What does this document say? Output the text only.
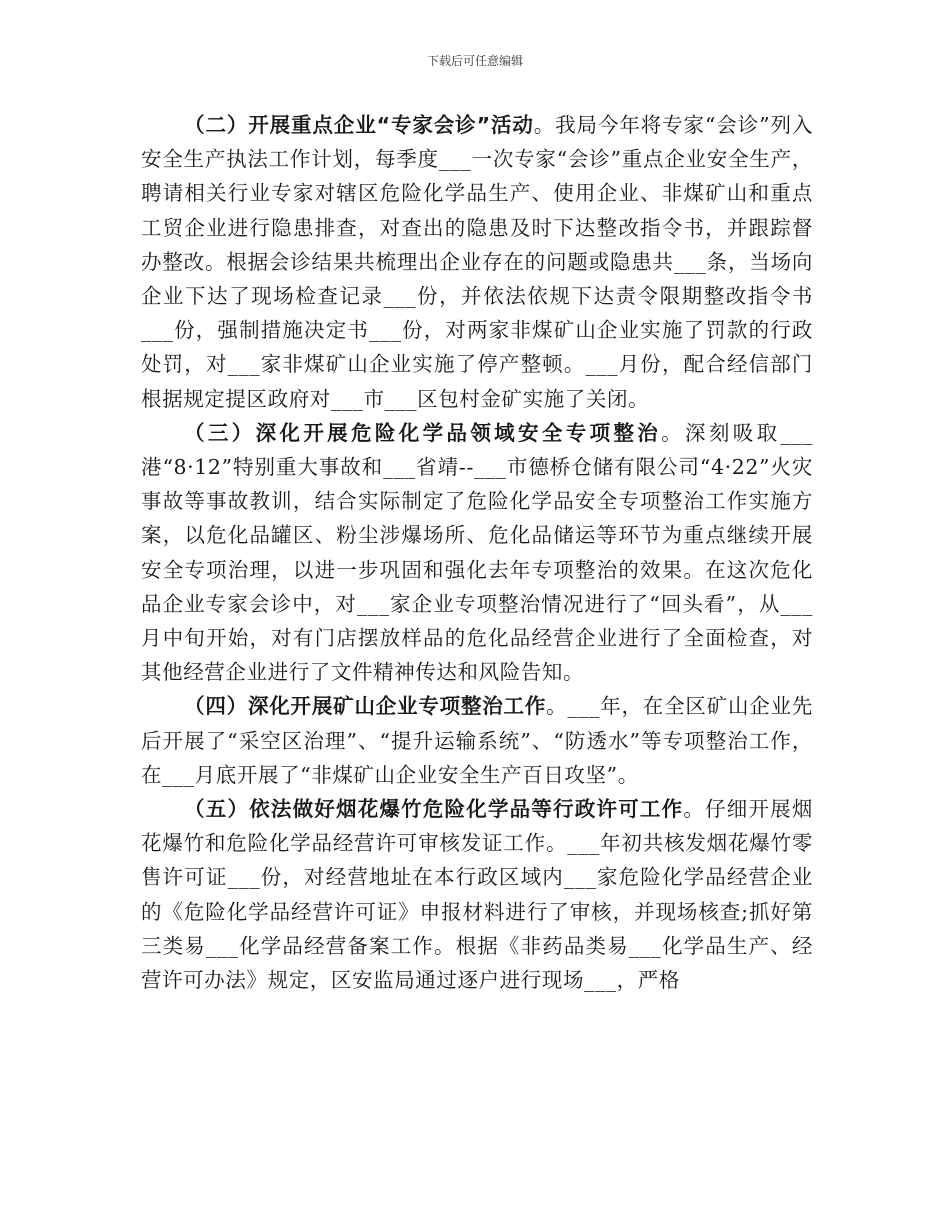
下载后可任意编辑

（二）开展重点企业“专家会诊”活动。我局今年将专家“会诊”列入安全生产执法工作计划，每季度___一次专家“会诊”重点企业安全生产，聘请相关行业专家对辖区危险化学品生产、使用企业、非煤矿山和重点工贸企业进行隐患排查，对查出的隐患及时下达整改指令书，并跟踪督办整改。根据会诊结果共梳理出企业存在的问题或隐患共___条，当场向企业下达了现场检查记录___份，并依法依规下达责令限期整改指令书___份，强制措施决定书___份，对两家非煤矿山企业实施了罚款的行政处罚，对___家非煤矿山企业实施了停产整顿。___月份，配合经信部门根据规定提区政府对___市___区包村金矿实施了关闭。

（三）深化开展危险化学品领域安全专项整治。深刻吸取___港“8·12”特别重大事故和___省靖--___市德桥仓储有限公司“4·22”火灾事故等事故教训，结合实际制定了危险化学品安全专项整治工作实施方案，以危化品罐区、粉尘涉爆场所、危化品储运等环节为重点继续开展安全专项治理，以进一步巩固和强化去年专项整治的效果。在这次危化品企业专家会诊中，对___家企业专项整治情况进行了“回头看”，从___月中旬开始，对有门店摆放样品的危化品经营企业进行了全面检查，对其他经营企业进行了文件精神传达和风险告知。

（四）深化开展矿山企业专项整治工作。___年，在全区矿山企业先后开展了“采空区治理”、“提升运输系统”、“防透水”等专项整治工作，在___月底开展了“非煤矿山企业安全生产百日攻坚”。

（五）依法做好烟花爆竹危险化学品等行政许可工作。仔细开展烟花爆竹和危险化学品经营许可审核发证工作。___年初共核发烟花爆竹零售许可证___份，对经营地址在本行政区域内___家危险化学品经营企业的《危险化学品经营许可证》申报材料进行了审核，并现场核查;抓好第三类易___化学品经营备案工作。根据《非药品类易___化学品生产、经营许可办法》规定，区安监局通过逐户进行现场___，严格
